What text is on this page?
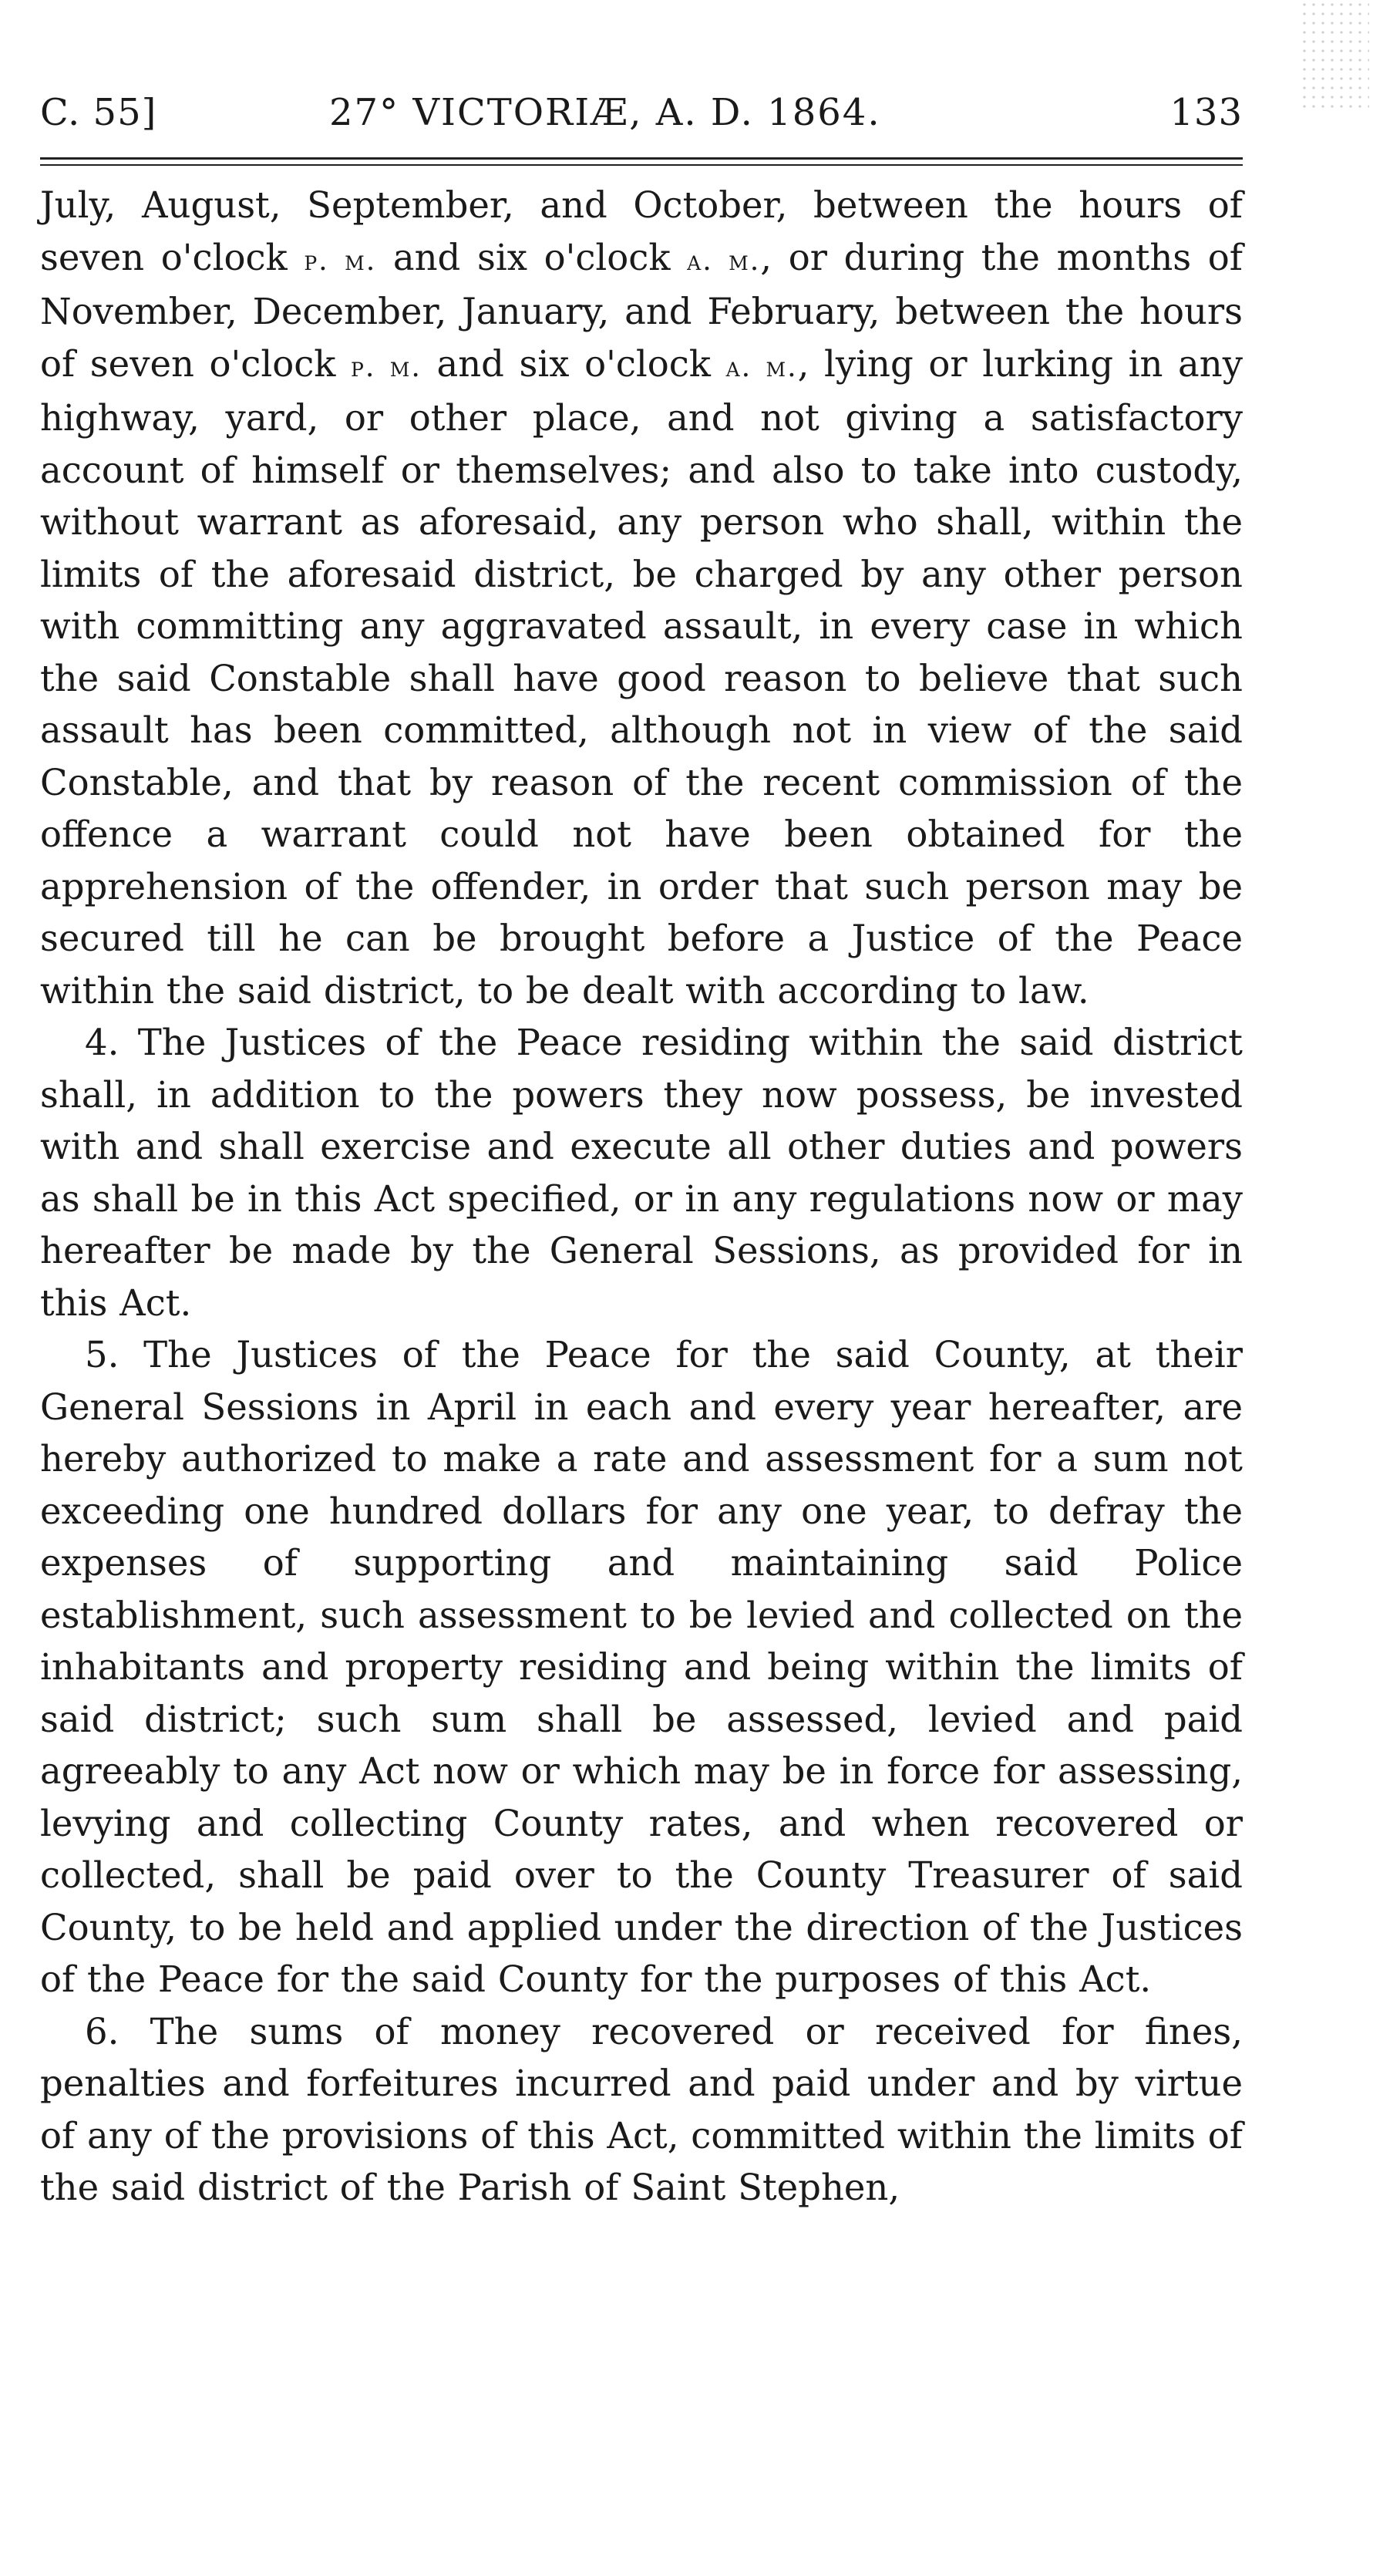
C. 55]	27° VICTORIÆ, A. D. 1864.	133

July, August, September, and October, between the hours of seven o'clock p. m. and six o'clock a. m., or during the months of November, December, January, and February, between the hours of seven o'clock p. m. and six o'clock a. m., lying or lurking in any highway, yard, or other place, and not giving a satisfactory account of himself or themselves; and also to take into custody, without warrant as aforesaid, any person who shall, within the limits of the aforesaid district, be charged by any other person with committing any aggravated assault, in every case in which the said Constable shall have good reason to believe that such assault has been committed, although not in view of the said Constable, and that by reason of the recent commission of the offence a warrant could not have been obtained for the apprehension of the offender, in order that such person may be secured till he can be brought before a Justice of the Peace within the said district, to be dealt with according to law.

4. The Justices of the Peace residing within the said district shall, in addition to the powers they now possess, be invested with and shall exercise and execute all other duties and powers as shall be in this Act specified, or in any regulations now or may hereafter be made by the General Sessions, as provided for in this Act.

5. The Justices of the Peace for the said County, at their General Sessions in April in each and every year hereafter, are hereby authorized to make a rate and assessment for a sum not exceeding one hundred dollars for any one year, to defray the expenses of supporting and maintaining said Police establishment, such assessment to be levied and collected on the inhabitants and property residing and being within the limits of said district; such sum shall be assessed, levied and paid agreeably to any Act now or which may be in force for assessing, levying and collecting County rates, and when recovered or collected, shall be paid over to the County Treasurer of said County, to be held and applied under the direction of the Justices of the Peace for the said County for the purposes of this Act.

6. The sums of money recovered or received for fines, penalties and forfeitures incurred and paid under and by virtue of any of the provisions of this Act, committed within the limits of the said district of the Parish of Saint Stephen,
